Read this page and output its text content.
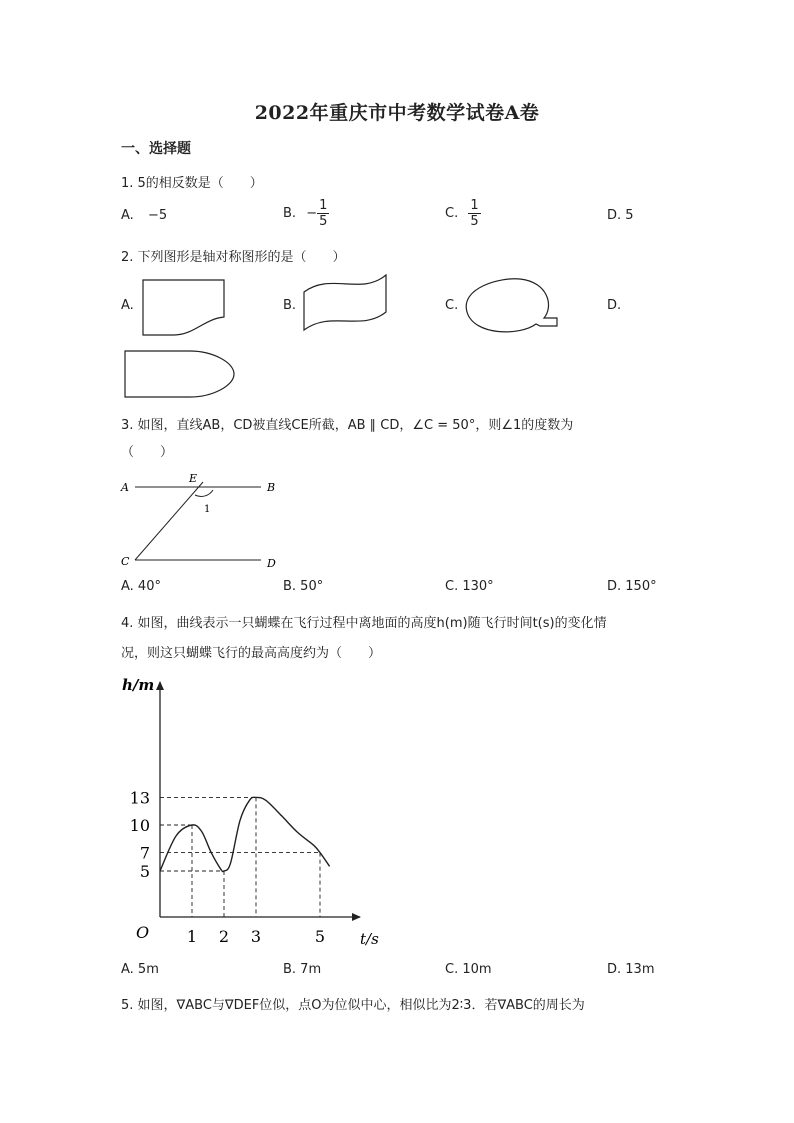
2022年重庆市中考数学试卷A卷
一、选择题
1. 5的相反数是（　　）
A. −5	B. − $\frac{1}{5}$	C. $\frac{1}{5}$	D. 5
2. 下列图形是轴对称图形的是（　　）
A.	B.	C.	D.
3. 如图，直线AB，CD被直线CE所截，AB ∥ CD，∠C = 50°，则∠1的度数为
（　　）
A	B
E
1
C	D
A. 40°	B. 50°	C. 130°	D. 150°
4. 如图，曲线表示一只蝴蝶在飞行过程中离地面的高度h(m)随飞行时间t(s)的变化情
况，则这只蝴蝶飞行的最高高度约为（　　）
h/m
t/s
O 1 2 3	5
5
7
10
13
A. 5m	B. 7m	C. 10m	D. 13m
5. 如图，∇ABC与∇DEF位似，点O为位似中心，相似比为2∶3．若∇ABC的周长为
